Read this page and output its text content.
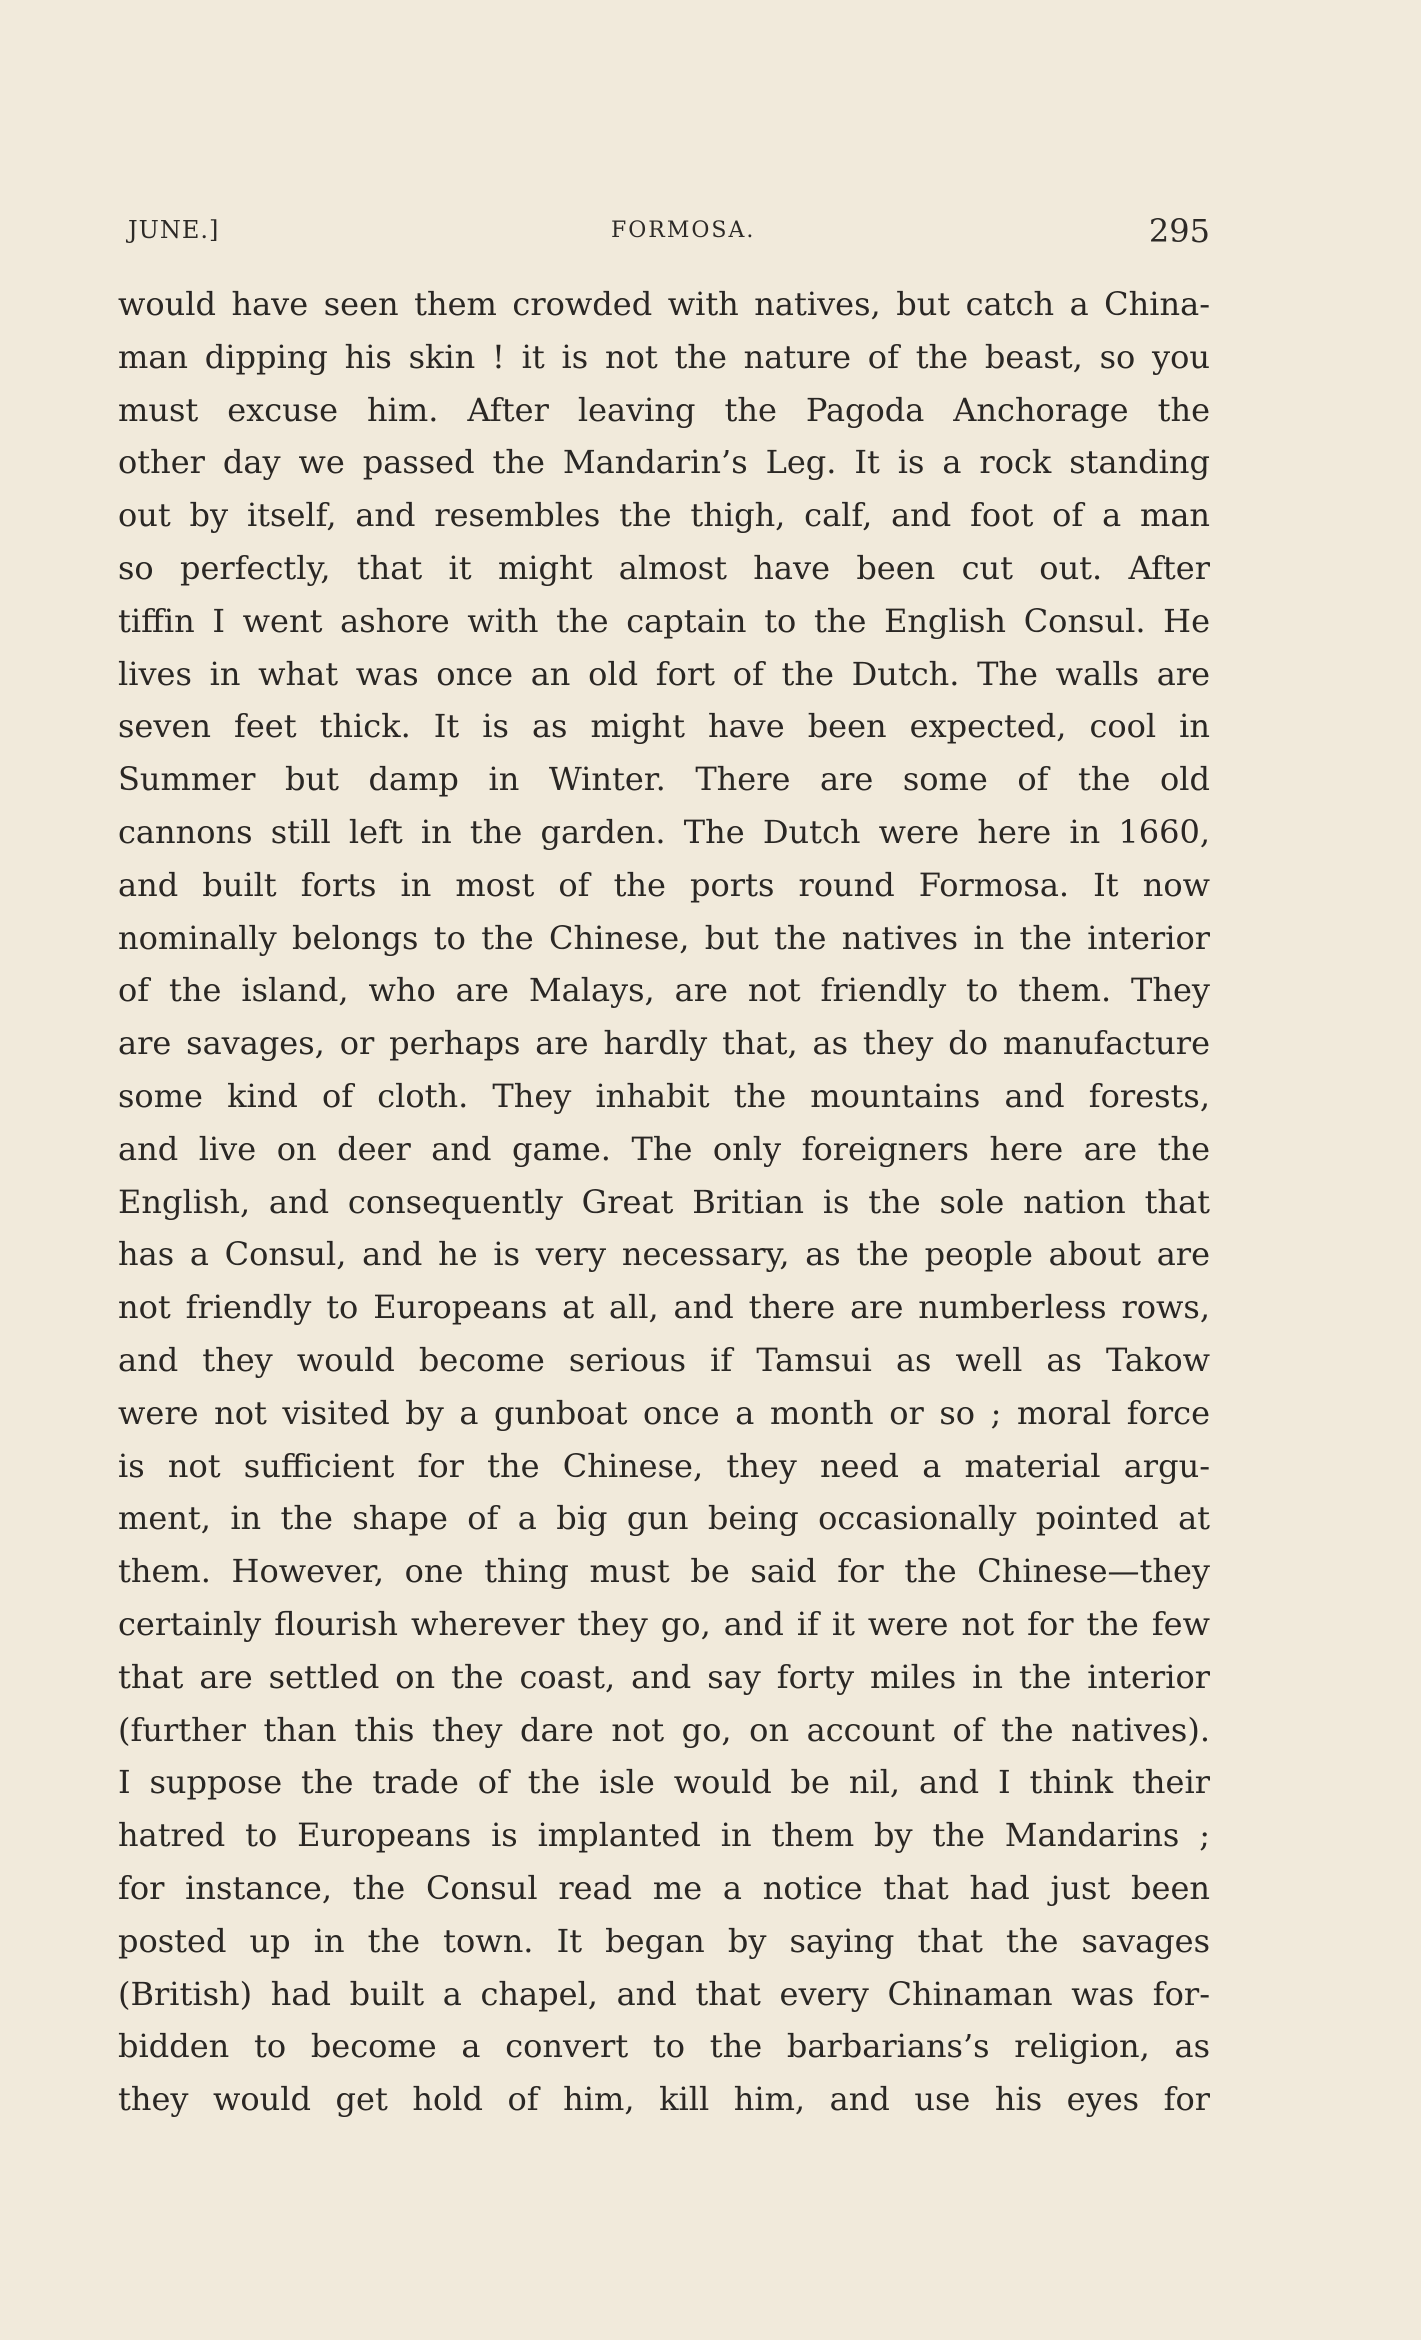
JUNE.]	FORMOSA.	295
would have seen them crowded with natives, but catch a China-
man dipping his skin ! it is not the nature of the beast, so you
must excuse him. After leaving the Pagoda Anchorage the
other day we passed the Mandarin’s Leg. It is a rock standing
out by itself, and resembles the thigh, calf, and foot of a man
so perfectly, that it might almost have been cut out. After
tiffin I went ashore with the captain to the English Consul. He
lives in what was once an old fort of the Dutch. The walls are
seven feet thick. It is as might have been expected, cool in
Summer but damp in Winter. There are some of the old
cannons still left in the garden. The Dutch were here in 1660,
and built forts in most of the ports round Formosa. It now
nominally belongs to the Chinese, but the natives in the interior
of the island, who are Malays, are not friendly to them. They
are savages, or perhaps are hardly that, as they do manufacture
some kind of cloth. They inhabit the mountains and forests,
and live on deer and game. The only foreigners here are the
English, and consequently Great Britian is the sole nation that
has a Consul, and he is very necessary, as the people about are
not friendly to Europeans at all, and there are numberless rows,
and they would become serious if Tamsui as well as Takow
were not visited by a gunboat once a month or so ; moral force
is not sufficient for the Chinese, they need a material argu-
ment, in the shape of a big gun being occasionally pointed at
them. However, one thing must be said for the Chinese—they
certainly flourish wherever they go, and if it were not for the few
that are settled on the coast, and say forty miles in the interior
(further than this they dare not go, on account of the natives).
I suppose the trade of the isle would be nil, and I think their
hatred to Europeans is implanted in them by the Mandarins ;
for instance, the Consul read me a notice that had just been
posted up in the town. It began by saying that the savages
(British) had built a chapel, and that every Chinaman was for-
bidden to become a convert to the barbarians’s religion, as
they would get hold of him, kill him, and use his eyes for
